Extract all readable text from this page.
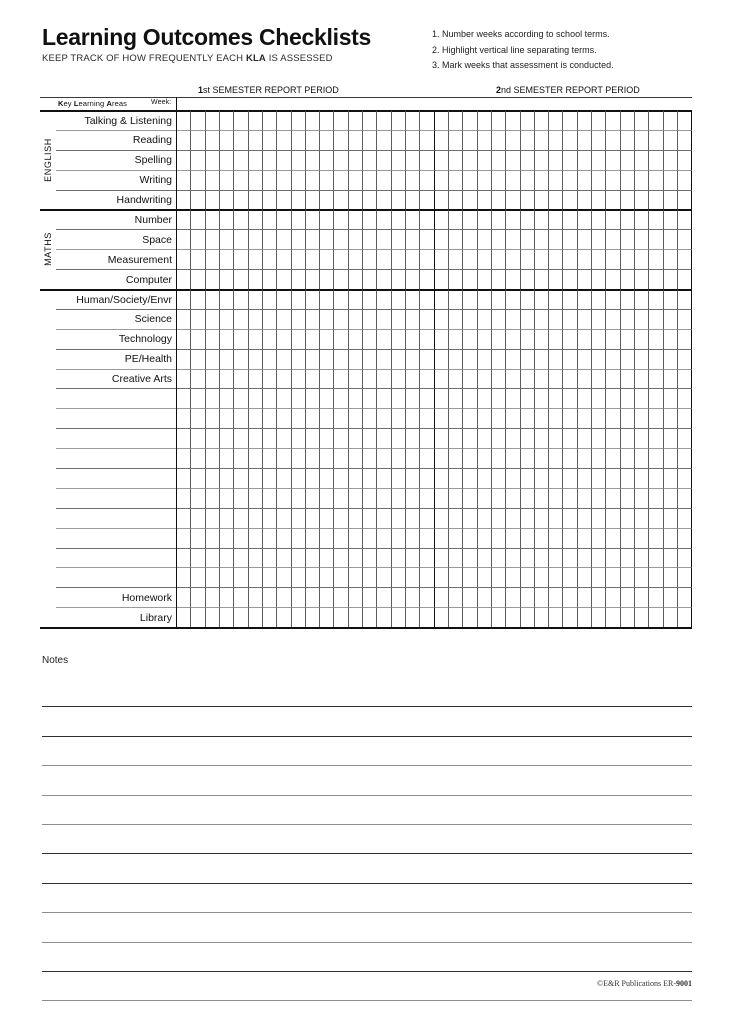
Learning Outcomes Checklists
KEEP TRACK OF HOW FREQUENTLY EACH KLA IS ASSESSED
1. Number weeks according to school terms.
2. Highlight vertical line separating terms.
3. Mark weeks that assessment is conducted.
1st SEMESTER REPORT PERIOD	2nd SEMESTER REPORT PERIOD
Key Learning Areas	Week:
Talking & Listening
Reading
Spelling
Writing
Handwriting
Number
Space
Measurement
Computer
Human/Society/Envr
Science
Technology
PE/Health
Creative Arts
Homework
Library
ENGLISH
MATHS
Notes
©E&R Publications ER-9001
